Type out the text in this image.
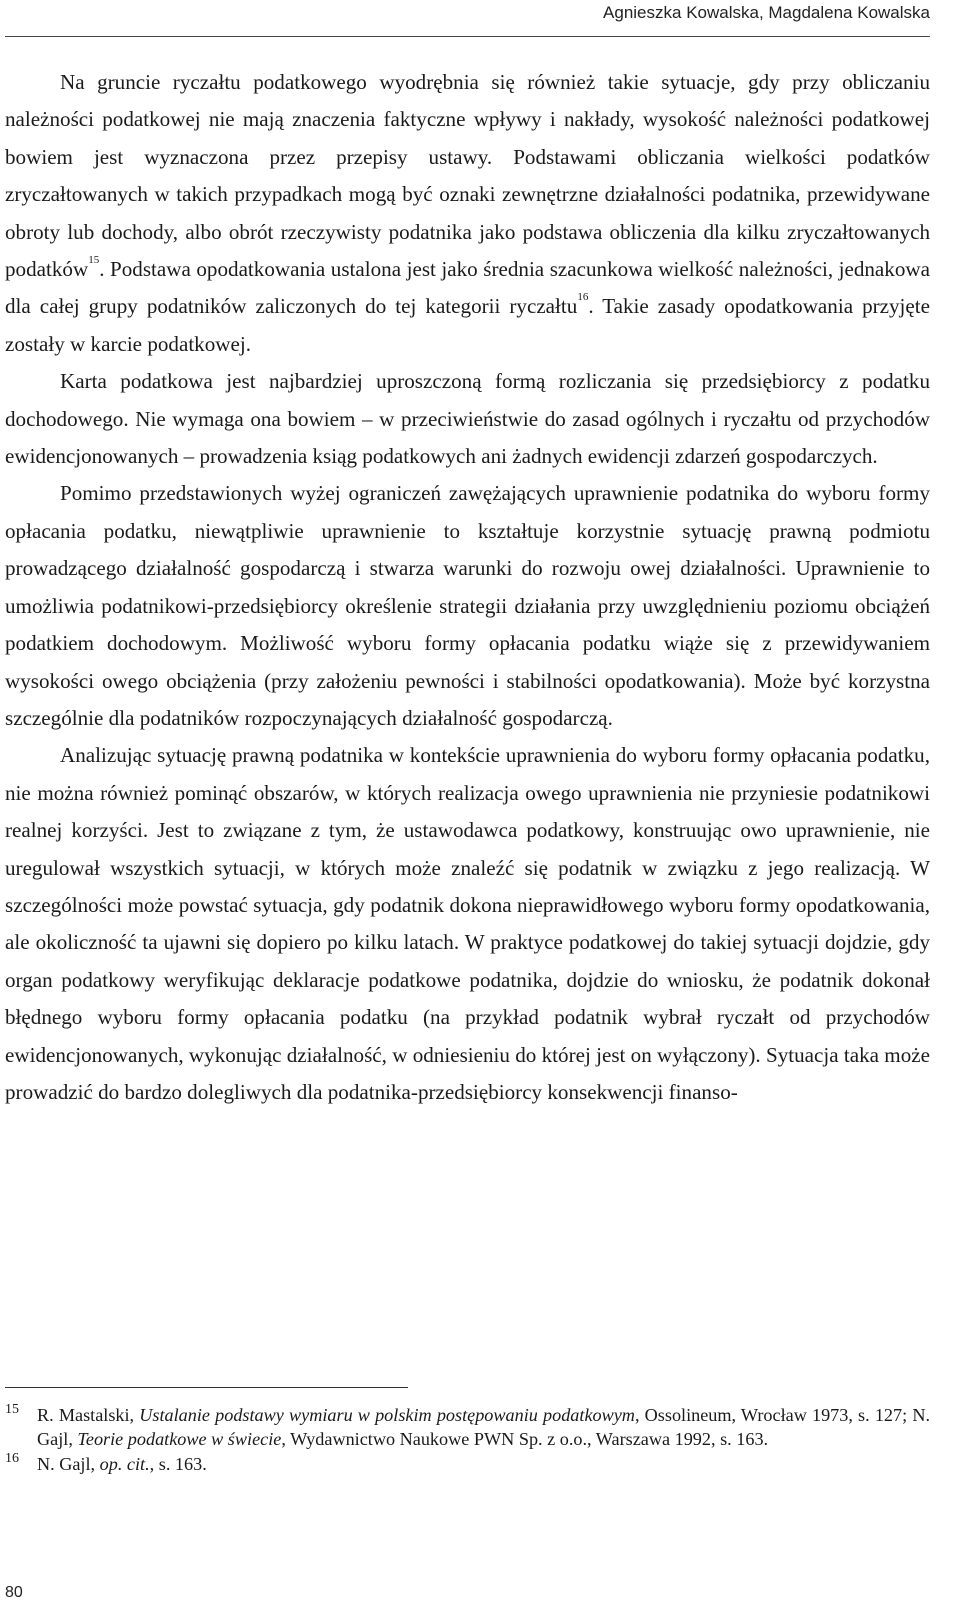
Agnieszka Kowalska, Magdalena Kowalska

Na gruncie ryczałtu podatkowego wyodrębnia się również takie sytuacje, gdy przy obliczaniu należności podatkowej nie mają znaczenia faktyczne wpływy i nakłady, wysokość należności podatkowej bowiem jest wyznaczona przez przepisy ustawy. Podstawami obliczania wielkości podatków zryczałtowanych w takich przypadkach mogą być oznaki zewnętrzne działalności podatnika, przewidywane obroty lub dochody, albo obrót rzeczywisty podatnika jako podstawa obliczenia dla kilku zryczałtowanych podatków$^{15}$. Podstawa opodatkowania ustalona jest jako średnia szacunkowa wielkość należności, jednakowa dla całej grupy podatników zaliczonych do tej kategorii ryczałtu$^{16}$. Takie zasady opodatkowania przyjęte zostały w karcie podatkowej.

Karta podatkowa jest najbardziej uproszczoną formą rozliczania się przedsiębiorcy z podatku dochodowego. Nie wymaga ona bowiem – w przeciwieństwie do zasad ogólnych i ryczałtu od przychodów ewidencjonowanych – prowadzenia ksiąg podatkowych ani żadnych ewidencji zdarzeń gospodarczych.

Pomimo przedstawionych wyżej ograniczeń zawężających uprawnienie podatnika do wyboru formy opłacania podatku, niewątpliwie uprawnienie to kształtuje korzystnie sytuację prawną podmiotu prowadzącego działalność gospodarczą i stwarza warunki do rozwoju owej działalności. Uprawnienie to umożliwia podatnikowi-przedsiębiorcy określenie strategii działania przy uwzględnieniu poziomu obciążeń podatkiem dochodowym. Możliwość wyboru formy opłacania podatku wiąże się z przewidywaniem wysokości owego obciążenia (przy założeniu pewności i stabilności opodatkowania). Może być korzystna szczególnie dla podatników rozpoczynających działalność gospodarczą.

Analizując sytuację prawną podatnika w kontekście uprawnienia do wyboru formy opłacania podatku, nie można również pominąć obszarów, w których realizacja owego uprawnienia nie przyniesie podatnikowi realnej korzyści. Jest to związane z tym, że ustawodawca podatkowy, konstruując owo uprawnienie, nie uregulował wszystkich sytuacji, w których może znaleźć się podatnik w związku z jego realizacją. W szczególności może powstać sytuacja, gdy podatnik dokona nieprawidłowego wyboru formy opodatkowania, ale okoliczność ta ujawni się dopiero po kilku latach. W praktyce podatkowej do takiej sytuacji dojdzie, gdy organ podatkowy weryfikując deklaracje podatkowe podatnika, dojdzie do wniosku, że podatnik dokonał błędnego wyboru formy opłacania podatku (na przykład podatnik wybrał ryczałt od przychodów ewidencjonowanych, wykonując działalność, w odniesieniu do której jest on wyłączony). Sytuacja taka może prowadzić do bardzo dolegliwych dla podatnika-przedsiębiorcy konsekwencji finanso-

15 R. Mastalski, Ustalanie podstawy wymiaru w polskim postępowaniu podatkowym, Ossolineum, Wrocław 1973, s. 127; N. Gajl, Teorie podatkowe w świecie, Wydawnictwo Naukowe PWN Sp. z o.o., Warszawa 1992, s. 163.
16 N. Gajl, op. cit., s. 163.
80
